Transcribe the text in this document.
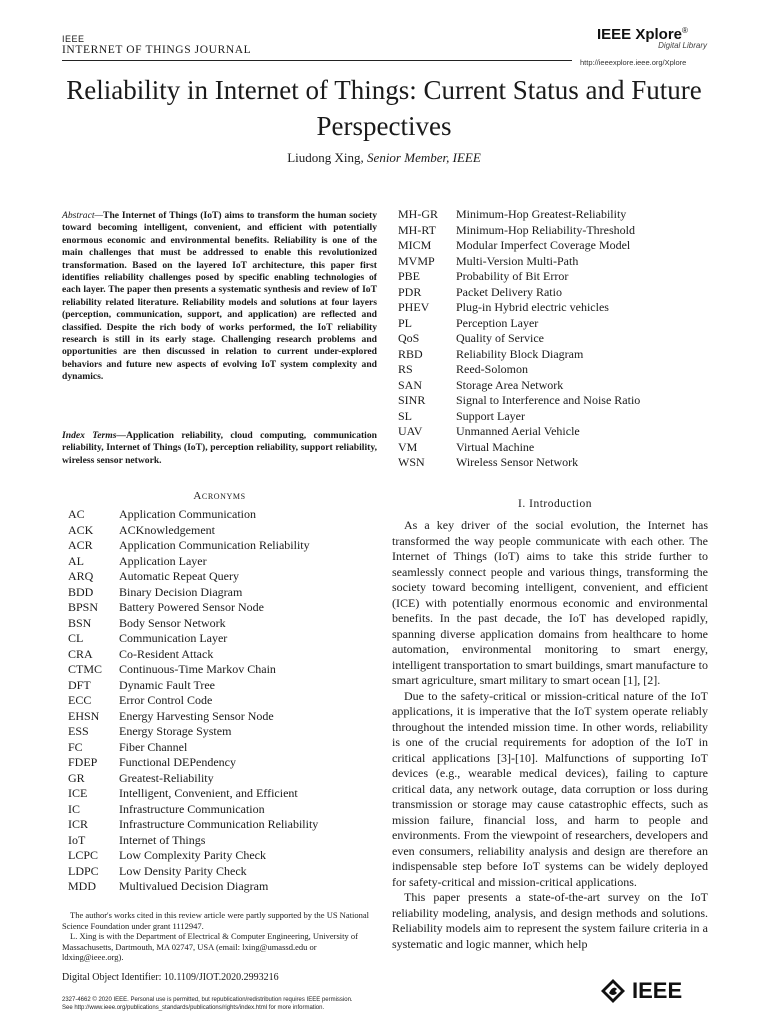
IEEE
INTERNET OF THINGS JOURNAL
IEEE Xplore®
Digital Library
http://ieeexplore.ieee.org/Xplore
Reliability in Internet of Things: Current Status and Future Perspectives
Liudong Xing, Senior Member, IEEE
Abstract—The Internet of Things (IoT) aims to transform the human society toward becoming intelligent, convenient, and efficient with potentially enormous economic and environmental benefits. Reliability is one of the main challenges that must be addressed to enable this revolutionized transformation. Based on the layered IoT architecture, this paper first identifies reliability challenges posed by specific enabling technologies of each layer. The paper then presents a systematic synthesis and review of IoT reliability related literature. Reliability models and solutions at four layers (perception, communication, support, and application) are reflected and classified. Despite the rich body of works performed, the IoT reliability research is still in its early stage. Challenging research problems and opportunities are then discussed in relation to current under-explored behaviors and future new aspects of evolving IoT system complexity and dynamics.
Index Terms—Application reliability, cloud computing, communication reliability, Internet of Things (IoT), perception reliability, support reliability, wireless sensor network.
Acronyms
AC	Application Communication
ACK	ACKnowledgement
ACR	Application Communication Reliability
AL	Application Layer
ARQ	Automatic Repeat Query
BDD	Binary Decision Diagram
BPSN	Battery Powered Sensor Node
BSN	Body Sensor Network
CL	Communication Layer
CRA	Co-Resident Attack
CTMC	Continuous-Time Markov Chain
DFT	Dynamic Fault Tree
ECC	Error Control Code
EHSN	Energy Harvesting Sensor Node
ESS	Energy Storage System
FC	Fiber Channel
FDEP	Functional DEPendency
GR	Greatest-Reliability
ICE	Intelligent, Convenient, and Efficient
IC	Infrastructure Communication
ICR	Infrastructure Communication Reliability
IoT	Internet of Things
LCPC	Low Complexity Parity Check
LDPC	Low Density Parity Check
MDD	Multivalued Decision Diagram
MH-GR	Minimum-Hop Greatest-Reliability
MH-RT	Minimum-Hop Reliability-Threshold
MICM	Modular Imperfect Coverage Model
MVMP	Multi-Version Multi-Path
PBE	Probability of Bit Error
PDR	Packet Delivery Ratio
PHEV	Plug-in Hybrid electric vehicles
PL	Perception Layer
QoS	Quality of Service
RBD	Reliability Block Diagram
RS	Reed-Solomon
SAN	Storage Area Network
SINR	Signal to Interference and Noise Ratio
SL	Support Layer
UAV	Unmanned Aerial Vehicle
VM	Virtual Machine
WSN	Wireless Sensor Network
I. Introduction

As a key driver of the social evolution, the Internet has transformed the way people communicate with each other. The Internet of Things (IoT) aims to take this stride further to seamlessly connect people and various things, transforming the society toward becoming intelligent, convenient, and efficient (ICE) with potentially enormous economic and environmental benefits. In the past decade, the IoT has developed rapidly, spanning diverse application domains from healthcare to home automation, environmental monitoring to smart energy, intelligent transportation to smart buildings, smart manufacture to smart agriculture, smart military to smart ocean [1], [2].

Due to the safety-critical or mission-critical nature of the IoT applications, it is imperative that the IoT system operate reliably throughout the intended mission time. In other words, reliability is one of the crucial requirements for adoption of the IoT in critical applications [3]-[10]. Malfunctions of supporting IoT devices (e.g., wearable medical devices), failing to capture critical data, any network outage, data corruption or loss during transmission or storage may cause catastrophic effects, such as mission failure, financial loss, and harm to people and environments. From the viewpoint of researchers, developers and even consumers, reliability analysis and design are therefore an indispensable step before IoT systems can be widely deployed for safety-critical and mission-critical applications.

This paper presents a state-of-the-art survey on the IoT reliability modeling, analysis, and design methods and solutions. Reliability models aim to represent the system failure criteria in a systematic and logic manner, which help

The author's works cited in this review article were partly supported by the US National Science Foundation under grant 1112947.

L. Xing is with the Department of Electrical & Computer Engineering, University of Massachusetts, Dartmouth, MA 02747, USA (email: lxing@umassd.edu or ldxing@ieee.org).

Digital Object Identifier: 10.1109/JIOT.2020.2993216
2327-4662 © 2020 IEEE. Personal use is permitted, but republication/redistribution requires IEEE permission.
See http://www.ieee.org/publications_standards/publications/rights/index.html for more information.
IEEE
